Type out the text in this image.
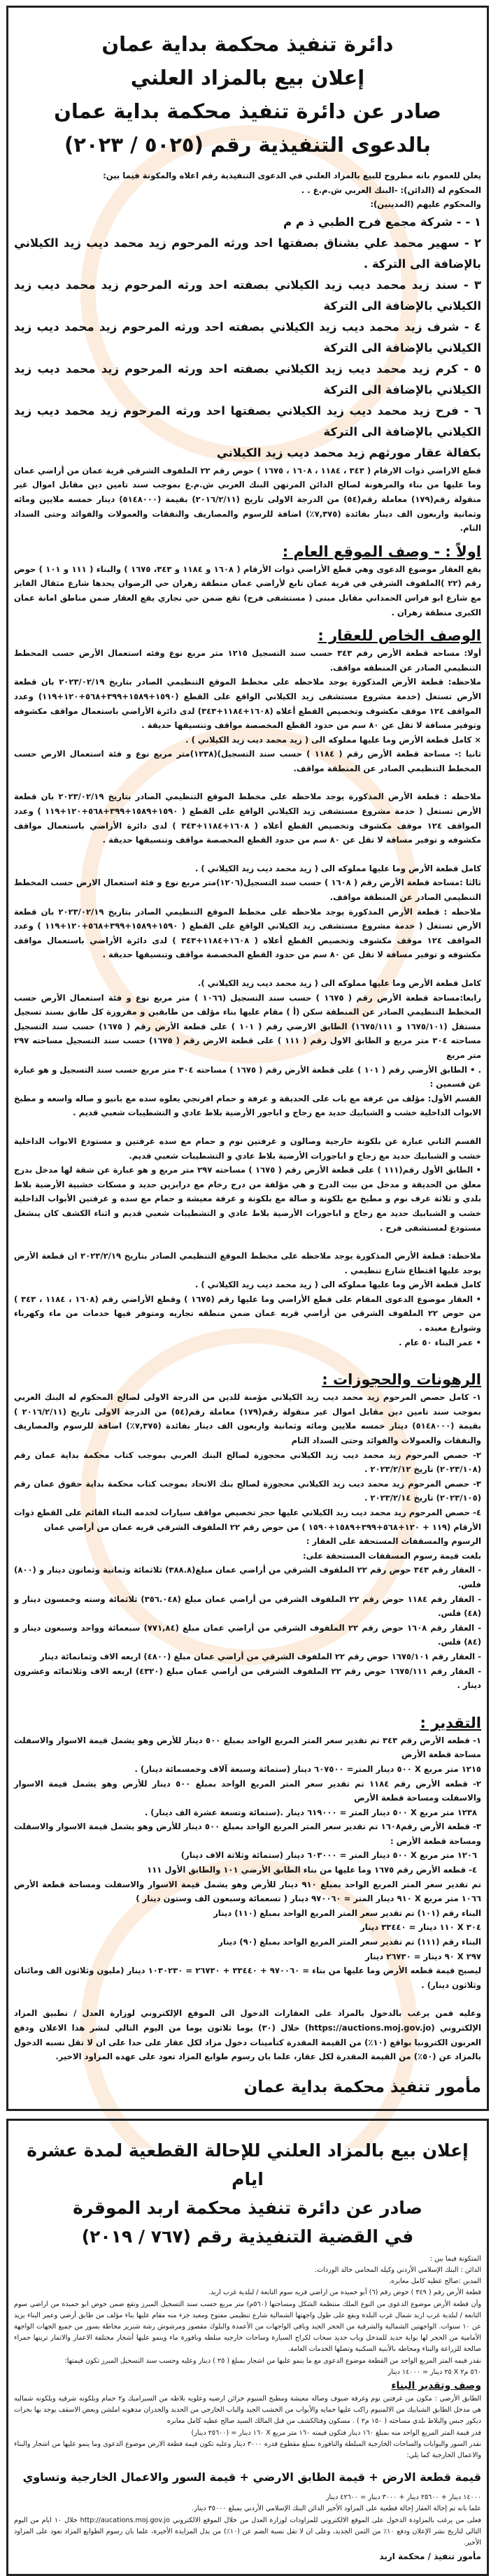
دائرة تنفيذ محكمة بداية عمان
إعلان بيع بالمزاد العلني
صادر عن دائرة تنفيذ محكمة بداية عمان
بالدعوى التنفيذية رقم (٥٠٢٥ / ٢٠٢٣)

يعلن للعموم بانه مطروح للبيع بالمزاد العلني في الدعوى التنفيذية رقم اعلاه والمكونة فيما بين:

المحكوم له (الدائن): -البنك العربي ش.م.ع . .

والمحكوم عليهم (المدينين):

١ - - شركة مجمع فرح الطبي ذ م م

٢ - سهير محمد علي بشناق بصفتها احد ورثه المرحوم زيد محمد ديب زيد الكيلاني بالإضافة الى التركة .

٣ - سند زيد محمد ديب زيد الكيلاني بصفته احد ورثه المرحوم زيد محمد ديب زيد الكيلاني بالإضافة الى التركة

٤ - شرف زيد محمد ديب زيد الكيلاني بصفته احد ورثه المرحوم زيد محمد ديب زيد الكيلاني بالإضافة الى التركة

٥ - كرم زيد محمد ديب زيد الكيلاني بصفته احد ورثه المرحوم زيد محمد ديب زيد الكيلاني بالإضافة الى التركة

٦ - فرح زيد محمد ديب زيد الكيلاني بصفتها احد ورثه المرحوم زيد محمد ديب زيد الكيلاني بالإضافة الى التركة

بكفالة عقار مورثهم زيد محمد ديب زيد الكيلاني

قطع الاراضي ذوات الارقام ( ٣٤٣ ، ١١٨٤ ، ١٦٠٨ ، ١٦٧٥ ) حوض رقم ٢٢ الملفوف الشرقي قرية عمان من أراضي عمان وما عليها من بناء والمرهونة لصالح الدائن المرتهن البنك العربي ش.م.ع بموجب سند تامين دين مقابل اموال غير منقولة رقم(١٧٩) معاملة رقم(٥٤) من الدرجة الاولى تاريخ (٢٠١٦/٢/١١) بقيمة (٥١٤٨٠٠٠) دينار خمسه ملايين ومائه وثمانية واربعون الف دينار بفائدة (٧,٣٧٥٪) اضافة للرسوم والمصاريف والنفقات والعمولات والفوائد وحتى السداد التام.

اولاً : - وصف الموقع العام :

يقع العقار موضوع الدعوى وهي قطع الأراضي ذوات الأرقام ( ١٦٠٨ و ١١٨٤ و ٣٤٣، ١٦٧٥ ) والبناء ( ١١١ و ١٠١ ) حوض رقم (٢٢ )الملفوف الشرقي في قرية عمان تابع لأراضي عمان منطقة زهران حي الرضوان يحدها شارع مثقال الفايز مع شارع ابو فراس الحمداني مقابل مبنى ( مستشفى فرح) تقع ضمن حي تجاري يقع العقار ضمن مناطق امانة عمان الكبرى منطقة زهران .

الوصف الخاص للعقار :

أولا: مساحه قطعة الأرض رقم ٣٤٣ حسب سند التسجيل ١٢١٥ متر مربع نوع وفئه استعمال الأرض حسب المخطط التنظيمي الصادر عن المنطقه مواقف.

ملاحظه: قطعة الأرض المذكورة يوجد ملاحظه على مخطط الموقع التنظيمي الصادر بتاريخ ٢٠٢٣/٠٢/١٩ بان قطعة الأرض تستغل (خدمة مشروع مستشفى زيد الكيلاني الواقع على القطع (١٥٩٠+١٥٨٩+٣٩٩+٥٦٨+١٢٠+١١٩) وعدد المواقف ١٢٤ موقف مكشوف وتخصيص القطع أعلاه (١٦٠٨+١١٨٤+٣٤٣) لدى دائرة الأراضي باستعمال مواقف مكشوفه وتوفير مسافة لا تقل عن ٨٠ سم من حدود القطع المخصصة مواقف وتنسيقها حديقة .

× كامل قطعة الأرض وما عليها مملوكه الى ( زيد محمد ديب زيد الكيلاني ) .

ثانيا :- مساحة قطعة الأرض رقم ( ١١٨٤ ) حسب سند التسجيل)(١٢٣٨)متر مربع نوع و فئة استعمال الارض حسب المخطط التنظيمي الصادر عن المنطقة مواقف.

ملاحظه : قطعة الأرض المذكورة يوجد ملاحظه على مخطط الموقع التنظيمي الصادر بتاريخ ٢٠٢٣/٠٢/١٩ بان قطعة الأرض تستغل ( خدمة مشروع مستشفى زيد الكيلاني الواقع على القطع ( ١٥٩٠+١٥٨٩+٣٩٩+٥٦٨+١٢٠+١١٩ ) وعدد المواقف ١٢٤ موقف مكشوف وتخصيص القطع أعلاه ( ١٦٠٨+١١٨٤+٣٤٣ ) لدى دائرة الأراضي باستعمال مواقف مكشوفه و توفير مسافة لا تقل عن ٨٠ سم من حدود القطع المخصصة مواقف وتنسيقها حديقة .

كامل قطعة الأرض وما عليها مملوكه الى ( زيد محمد ديب زيد الكيلاني ) .

ثالثا :مساحة قطعة الأرض رقم ( ١٦٠٨ ) حسب سند التسجيل(١٢٠٦)متر مربع نوع و فئة استعمال الارض حسب المخطط التنظيمي الصادر عن المنطقة مواقف.

ملاحظه : قطعة الأرض المذكورة يوجد ملاحظه على مخطط الموقع التنظيمي الصادر بتاريخ ٢٠٢٣/٠٢/١٩ بان قطعة الأرض تستغل ( خدمة مشروع مستشفى زيد الكيلاني الواقع على القطع ( ١٥٩٠+١٥٨٩+٣٩٩+٥٦٨+١٢٠+١١٩ ) وعدد المواقف ١٢٤ موقف مكشوف وتخصيص القطع أعلاه ( ١٦٠٨+١١٨٤+٣٤٣ ) لدى دائرة الأراضي باستعمال مواقف مكشوفه و توفير مسافة لا تقل عن ٨٠ سم من حدود القطع المخصصة مواقف وتنسيقها حديقة .

كامل قطعة الأرض وما عليها مملوكه الى ( زيد محمد ديب زيد الكيلاني ).

رابعا:مساحة قطعة الأرض رقم ( ١٦٧٥ ) حسب سند التسجيل (١٠٦٦ ) متر مربع نوع و فئة استعمال الأرض حسب المخطط التنظيمي الصادر عن المنطقة سكن (أ ) مقام عليها بناء مؤلف من طابقين و مفروزة كل طابق بسند تسجيل مستقل (١٦٧٥/١٠١ و ١٦٧٥/١١١) الطابق الارضي رقم ( ١٠١ ) على قطعة الأرض رقم ( ١٦٧٥) حسب سند التسجيل مساحته ٣٠٤ متر مربع و الطابق الاول رقم ( ١١١ ) على قطعة الارض رقم ( ١٦٧٥) حسب سند التسجيل مساحته ٢٩٧ متر مربع

. • الطابق الأرضي رقم ( ١٠١ ) على قطعة الأرض رقم ( ١٦٧٥ ) مساحته ٣٠٤ متر مربع حسب سند التسجيل و هو عبارة عن قسمين :

القسم الأول: مؤلف من غرفة مع باب على الحديقة و غرفة و حمام افرنجي يعلوه سده مع بانيو و صاله واسعه و مطبخ الابواب الداخلية خشب و الشبابيك حديد مع زجاج و اباجور الأرضية بلاط عادي و التشطيبات شعبي قديم .

القسم الثاني عبارة عن بلكونة خارجية وصالون و غرفتين نوم و حمام مع سده غرفتين و مستودع الابواب الداخلية خشب و الشبابيك حديد مع زجاج و اباجورات الأرضية بلاط عادي و التشطيبات شعبي قديم.

• الطابق الأول رقم(١١١ ) على قطعة الأرض رقم ( ١٦٧٥ ) مساحته ٢٩٧ متر مربع و هو عبارة عن شقة لها مدخل بدرج معلق من الحديقة و مدخل من بيت الدرج و هي مؤلفة من درج رخام مع درابزين حديد و مسكات خشبية الأرضية بلاط بلدي و ثلاثة غرف نوم و مطبخ مع بلكونة و صالة مع بلكونة و غرفة معيشة و حمام مع سده و غرفتين الأبواب الداخلية خشب و الشبابيك حديد مع زجاج و اباجورات الأرضية بلاط عادي و التشطيبات شعبي قديم و اثناء الكشف كان ينشغل مستودع لمستشفى فرح .

ملاحظة: قطعة الأرض المذكورة يوجد ملاحظه على مخطط الموقع التنظيمي الصادر بتاريخ ٢٠٢٣/٢/١٩ ان قطعة الأرض يوجد عليها اقتطاع شارع تنظيمي .

كامل قطعة الأرض وما عليها مملوكه الى ( زيد محمد ديب زيد الكيلاني ) .

• العقار موضوع الدعوى المقام على قطع الأراضي وما عليها رقم (١٦٧٥ ) وقطع الأراضي رقم (١٦٠٨ ، ١١٨٤ ، ٣٤٣ ) من حوض ٢٢ الملفوف الشرقي من أراضي قريه عمان ضمن منطقه تجاريه ومتوفر فيها خدمات من ماء وكهرباء وشوارع معبده .

• عمر البناء ٥٠ عام .

الرهونات والحجوزات :

١- كامل حصص المرحوم زيد محمد ديب زيد الكيلاني مؤمنة للدين من الدرجة الاولى لصالح المحكوم له البنك العربي بموجب سند تامين دين مقابل اموال غير منقولة رقم(١٧٩) معاملة رقم(٥٤) من الدرجة الاولى تاريخ (٢٠١٦/٢/١١ ) بقيمة (٥١٤٨٠٠٠) دينار خمسه ملايين ومائه وثمانية واربعون الف دينار بفائدة (٧,٣٧٥٪) اضافة للرسوم والمصاريف والنفقات والعمولات والفوائد وحتى السداد التام

٢- حصص المرحوم زيد محمد ديب زيد الكيلاني محجوزة لصالح البنك العربي بموجب كتاب محكمة بداية عمان رقم (٢٠٢٣/١٠٨) تاريخ ٢٠٢٣/٢/١٢ .

٣- حصص المرحوم زيد محمد ديب زيد الكيلاني محجوزة لصالح بنك الاتحاد بموجب كتاب محكمة بداية حقوق عمان رقم (٢٠٢٣/١٠٥) تاريخ ٢٠٢٣/٢/١٤ .

٤- حصص المرحوم زيد محمد ديب زيد الكيلاني عليها حجز تخصيص مواقف سيارات لخدمه البناء القائم على القطع ذوات الأرقام (١١٩ + ١٢٠+٥٦٨+٣٩٩+١٥٨٩+١٥٩٠ ) من حوض رقم ٢٢ الملفوف الشرقي قريه عمان من أراضي عمان

الرسوم والمسقفات المستحقة على العقار :

بلغت قيمة رسوم المسقفات المستحقة على:

- العقار رقم ٣٤٣ حوض رقم ٢٢ الملفوف الشرقي من أراضي عمان مبلغ(٣٨٨.٨) ثلاثمائة وثمانية وثمانون دينار و (٨٠٠) فلس.

- العقار رقم ١١٨٤ حوض رقم ٢٢ الملفوف الشرقي من أراضي عمان مبلغ (٣٥٦.٠٤٨) ثلاثمائة وسته وخمسون دينار و (٤٨) فلس.

- العقار رقم ١٦٠٨ حوض رقم ٢٢ الملفوف الشرقي من أراضي عمان مبلغ (٧٧١,٨٤) سبعمائة وواحد وسبعون دينار و (٨٤) فلس.

- العقار رقم ١٦٧٥/١٠١ حوض رقم ٢٢ الملفوف الشرقي من أراضي عمان مبلغ (٤٨٠٠) اربعه الاف وثمانمائة دينار

- العقار رقم ١٦٧٥/١١١ حوض رقم ٢٢ الملفوف الشرقي من أراضي عمان مبلغ (٤٣٢٠) اربعه الاف وثلاثمائه وعشرون دينار .

التقدير :

١- قطعه الأرض رقم ٣٤٣ تم تقدير سعر المتر المربع الواحد بمبلغ ٥٠٠ دينار للأرض وهو يشمل قيمة الاسوار والاسفلت مساحة قطعة الأرض

١٢١٥ متر مربع X ٥٠٠ دينار المتر= ٦٠٧٥٠٠ دينار (ستمائة وسبعة آلاف وخمسمائة دينار) .

٢- قطعه الأرض رقم ١١٨٤ تم تقدير سعر المتر المربع الواحد بمبلغ ٥٠٠ دينار للأرض وهو يشمل قيمة الاسوار والاسفلت ومساحة قطعة الأرض

١٢٣٨ متر مربع X ٥٠٠ دينار المتر = ٦١٩٠٠٠ دينار .(ستمائة وتسعة عشرة الف دينار) .

٣- قطعة الأرض رقم١٦٠٨ تم تقدير سعر المتر المربع الواحد بمبلغ ٥٠٠ دينار للأرض وهو يشمل قيمة الاسوار والاسفلت ومساحة قطعة الأرض :

١٢٠٦ متر مربع X ٥٠٠ دينار المتر = ٦٠٣٠٠٠ دينار (ستمائة وثلاثة الاف دينار)

٤- قطعه الأرض رقم ١٦٧٥ وما عليها من بناء الطابق الأرضي ١٠١ والطابق الأول ١١١

تم تقدير سعر المتر المربع الواحد بمبلغ ٩١٠ دينار للأرض وهو يشمل قيمة الاسوار والاسفلت ومساحة قطعة الأرض ١٠٦٦ متر مربع X ٩١٠ دينار المتر = ٩٧٠٠٦٠ دينار ( تسعمائة وسبعون الف وستون دينار )

البناء رقم (١٠١) تم تقدير سعر المتر المربع الواحد بمبلغ (١١٠) دينار

٣٠٤ X ١١٠ دينار = ٣٣٤٤٠ دينار

البناء رقم (١١١) تم تقدير سعر المتر المربع الواحد بمبلغ (٩٠) دينار

٢٩٧ X ٩٠ دينار = ٢٦٧٣٠ دينار

ليصبح قيمة قطعه الأرض وما عليها من بناء = ٩٧٠٠٦٠ + ٣٣٤٤٠ + ٢٦٧٣٠ = ١٠٣٠٢٣٠ دينار (مليون وثلاثون الف ومائتان وثلاثون دينار) .

وعليه فمن يرغب بالدخول بالمزاد على العقارات الدخول الى الموقع الإلكتروني لوزارة العدل / تطبيق المزاد الإلكتروني (https://auctions.moj.gov.jo) خلال (٣٠) يوما ثلاثون يوما من اليوم التالي لنشر هذا الاعلان ودفع العربون الكترونيا بواقع (١٠٪) من القيمة المقدرة كتأمينات دخول مزاد لكل عقار على حدا على ان لا تقل نسبه الدخول بالمزاد عن (٥٠٪) من القيمة المقدرة لكل عقار، علما بان رسوم طوابع المزاد تعود على عهده المزاود الاخير.

مأمور تنفيذ محكمة بداية عمان

إعلان بيع بالمزاد العلني للإحالة القطعية لمدة عشرة ايام
صادر عن دائرة تنفيذ محكمة اربد الموقرة
في القضية التنفيذية رقم (٧٦٧ / ٢٠١٩)

المتكونة فيما بين :

الدائن : البنك الإسلامي الأردني وكيله المحامي خالد الوردات.

المدين :صالح عطيه كامل معايره.

قطعة الأرض رقم ( ٣٤٩ ) حوض رقم (٦) أبو حميده من اراضي قريه سوم التابعة / لبلدية غرب اربد.

وأن قطعة الأرض موضوع الدعوى من النوع الملك منتظمة الشكل ومساحتها (٥٦٠م) متر مربع حسب سند التسجيل المبرز وتقع ضمن حوض ابو حميده من اراضي سوم التابعة / لبلدية غرب اربد شمال غرب البلدة ويقع على طول واجهتها الشمالية شارع تنظيمي مفتوح ومعبد جزء منه مقام عليها بناء مؤلف من طابق أرضي وعمر البناء يزيد عن ١٠ سنوات. الواجهتين الشمالية والشرقية من الحجر الجيد وباقي الواجهات من الأعمدة والبلوك مقصور ومرشوش رشة شبريز محاطة بسور من جميع الجهات الواجهة الأمامية من الحجر لها بوابة حديد للمدخل وباب حديد سحاب لكراج السيارة وساحات خارجيه مبلطه ونافورة ماء وينمو عليها أشجار مختلفة الاعمار والاثمار تربتها حمراء صالحة للزراعة والبناء ومحاطه بالأبنية السكنية وتصلها الخدمات العامة.

نقدر قيمه المتر المربع الواحد من القطعة موضوع الدعوى مع ما ينمو عليها من اشجار بمبلغ ( ٢٥ ) دينار وعليه وحسب سند التسجيل المبرز تكون قيمتها:

٥٦٠ م٢ X ٢٥ دينار = ١٤٠٠٠ دينار

وصف وتقدير البناء

الطابق الأرضي : مكون من غرفتين نوم وغرفة ضيوف وصاله معيشة ومطبخ المنيوم خزائن ارضيه وعلويه بلاطه من السيراميك و٢ حمام وبلكونه شرقيه وبلكونه شماليه هي مدخل الطابق الشبابيك من الالمنيوم راكب عليها حمايه والأبواب من الخشب الجيد والباب الخارجي من الحديد والجدران مدهونه املشن وبعض الاسقف يوجد بها بحرات ديكور جبس والبلاط بلدي مساحته ( ١٥٠ م٢ ) . مسكون وقتالكشف من قبل المالك السيد صالح عطيه كامل معابره

قدر قيمة المتر المربع الواحد منه بمبلغ ١٦٠ دينار فتكون قيمته ١٦٠ متر مربع X ١٦٠ دينار = (٢٥٦٠٠ دينار)

نقدر السور والبوابات والساحات الخارجية المبلطة والنافورة بمبلغ مقطوع قدره ٣٠٠٠ دينار وعليه تكون قيمة قطعة الارض موضوع الدعوى وما ينمو عليها من اشجار والبناء والاعمال الخارجية كما يلي:

قيمة قطعة الارض + قيمة الطابق الارضي + قيمة السور والاعمال الخارجية وتساوي

١٤٠٠٠ دينار + ٢٥٦٠٠ دينار + ٣٠٠٠ دينار = ٤٢٦٠٠ دينار

علما بانه تم إحالة العقار إحالة قطعية على المزاود الأخير الدائن البنك الإسلامي الأردني بمبلغ ٣٥٠٠٠ دينار.

فعلى من يرغب بالمزاودة الدخول على الموقع الالكتروني للمزاودات لوزارة العدل من خلال الموقع الالكتروني http://aucations.moj.gov.jo خلال ١٠ ايام من اليوم التالي لتاريخ نشر الإعلان ودفع ١٠٪ من الثمن الجديد، وعلى ان لا تقل نسبة الضم عن (١٠٪) من بدل المزايدة الأخيرة، علما بان رسوم الطوابع المزاد تعود على المزاود الأخير.

مأمور تنفيذ / محكمة اربد
